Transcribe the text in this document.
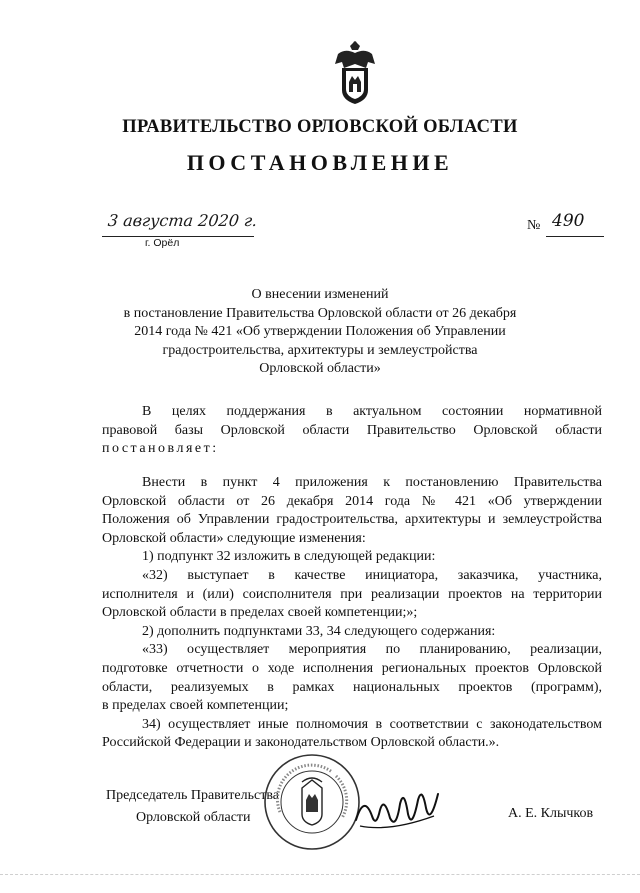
ПРАВИТЕЛЬСТВО ОРЛОВСКОЙ ОБЛАСТИ
ПОСТАНОВЛЕНИЕ
3 августа 2020 г.
г. Орёл
№ 490
О внесении изменений
в постановление Правительства Орловской области от 26 декабря
2014 года № 421 «Об утверждении Положения об Управлении
градостроительства, архитектуры и землеустройства
Орловской области»
В целях поддержания в актуальном состоянии нормативной
правовой базы Орловской области Правительство Орловской области
постановляет:
Внести в пункт 4 приложения к постановлению Правительства
Орловской области от 26 декабря 2014 года № 421 «Об утверждении
Положения об Управлении градостроительства, архитектуры и землеустройства
Орловской области» следующие изменения:
1) подпункт 32 изложить в следующей редакции:
«32) выступает в качестве инициатора, заказчика, участника,
исполнителя и (или) соисполнителя при реализации проектов на территории
Орловской области в пределах своей компетенции;»;
2) дополнить подпунктами 33, 34 следующего содержания:
«33) осуществляет мероприятия по планированию, реализации,
подготовке отчетности о ходе исполнения региональных проектов Орловской
области, реализуемых в рамках национальных проектов (программ),
в пределах своей компетенции;
34) осуществляет иные полномочия в соответствии с законодательством
Российской Федерации и законодательством Орловской области.».
Председатель Правительства
Орловской области	А. Е. Клычков
